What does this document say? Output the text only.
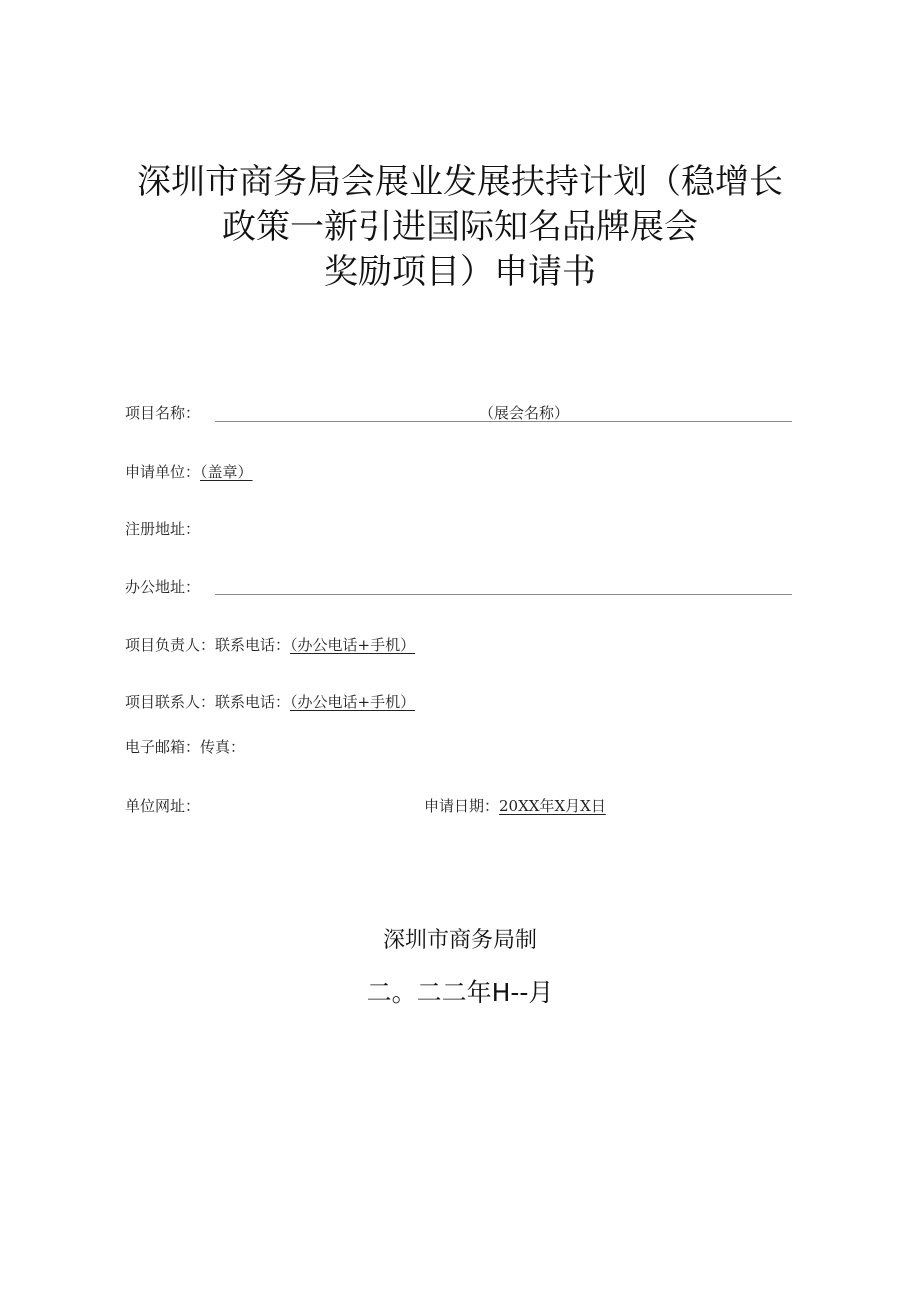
深圳市商务局会展业发展扶持计划（稳增长
政策一新引进国际知名品牌展会
奖励项目）申请书
项目名称：	（展会名称）
申请单位：（盖章）
注册地址：
办公地址：
项目负责人：联系电话：（办公电话+手机）
项目联系人：联系电话：（办公电话+手机）
电子邮箱：传真：
单位网址：	申请日期：20XX年X月X日
深圳市商务局制
二。二二年H--月
